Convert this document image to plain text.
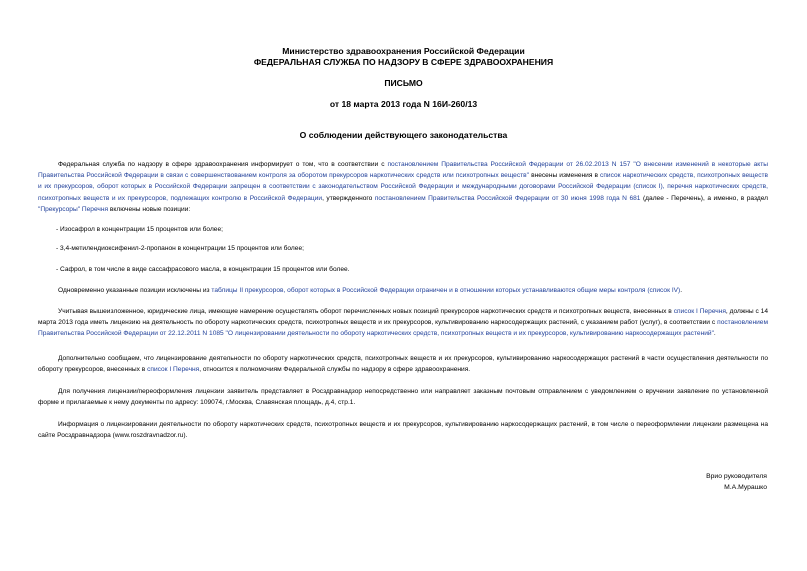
Министерство здравоохранения Российской Федерации
ФЕДЕРАЛЬНАЯ СЛУЖБА ПО НАДЗОРУ В СФЕРЕ ЗДРАВООХРАНЕНИЯ
ПИСЬМО
от 18 марта 2013 года N 16И-260/13
О соблюдении действующего законодательства
Федеральная служба по надзору в сфере здравоохранения информирует о том, что в соответствии с постановлением Правительства Российской Федерации от 26.02.2013 N 157 "О внесении изменений в некоторые акты Правительства Российской Федерации в связи с совершенствованием контроля за оборотом прекурсоров наркотических средств или психотропных веществ" внесены изменения в список наркотических средств, психотропных веществ и их прекурсоров, оборот которых в Российской Федерации запрещен в соответствии с законодательством Российской Федерации и международными договорами Российской Федерации (список I), перечня наркотических средств, психотропных веществ и их прекурсоров, подлежащих контролю в Российской Федерации, утвержденного постановлением Правительства Российской Федерации от 30 июня 1998 года N 681 (далее - Перечень), а именно, в раздел "Прекурсоры" Перечня включены новые позиции:
- Изосафрол в концентрации 15 процентов или более;
- 3,4-метилендиоксифенил-2-пропанон в концентрации 15 процентов или более;
- Сафрол, в том числе в виде сассафрасового масла, в концентрации 15 процентов или более.
Одновременно указанные позиции исключены из таблицы II прекурсоров, оборот которых в Российской Федерации ограничен и в отношении которых устанавливаются общие меры контроля (список IV).
Учитывая вышеизложенное, юридические лица, имеющие намерение осуществлять оборот перечисленных новых позиций прекурсоров наркотических средств и психотропных веществ, внесенных в список I Перечня, должны с 14 марта 2013 года иметь лицензию на деятельность по обороту наркотических средств, психотропных веществ и их прекурсоров, культивированию наркосодержащих растений, с указанием работ (услуг), в соответствии с постановлением Правительства Российской Федерации от 22.12.2011 N 1085 "О лицензировании деятельности по обороту наркотических средств, психотропных веществ и их прекурсоров, культивированию наркосодержащих растений".
Дополнительно сообщаем, что лицензирование деятельности по обороту наркотических средств, психотропных веществ и их прекурсоров, культивированию наркосодержащих растений в части осуществления деятельности по обороту прекурсоров, внесенных в список I Перечня, относится к полномочиям Федеральной службы по надзору в сфере здравоохранения.
Для получения лицензии/переоформления лицензии заявитель представляет в Росздравнадзор непосредственно или направляет заказным почтовым отправлением с уведомлением о вручении заявление по установленной форме и прилагаемые к нему документы по адресу: 109074, г.Москва, Славянская площадь, д.4, стр.1.
Информация о лицензировании деятельности по обороту наркотических средств, психотропных веществ и их прекурсоров, культивированию наркосодержащих растений, в том числе о переоформлении лицензии размещена на сайте Росздравнадзора (www.roszdravnadzor.ru).
Врио руководителя
М.А.Мурашко
